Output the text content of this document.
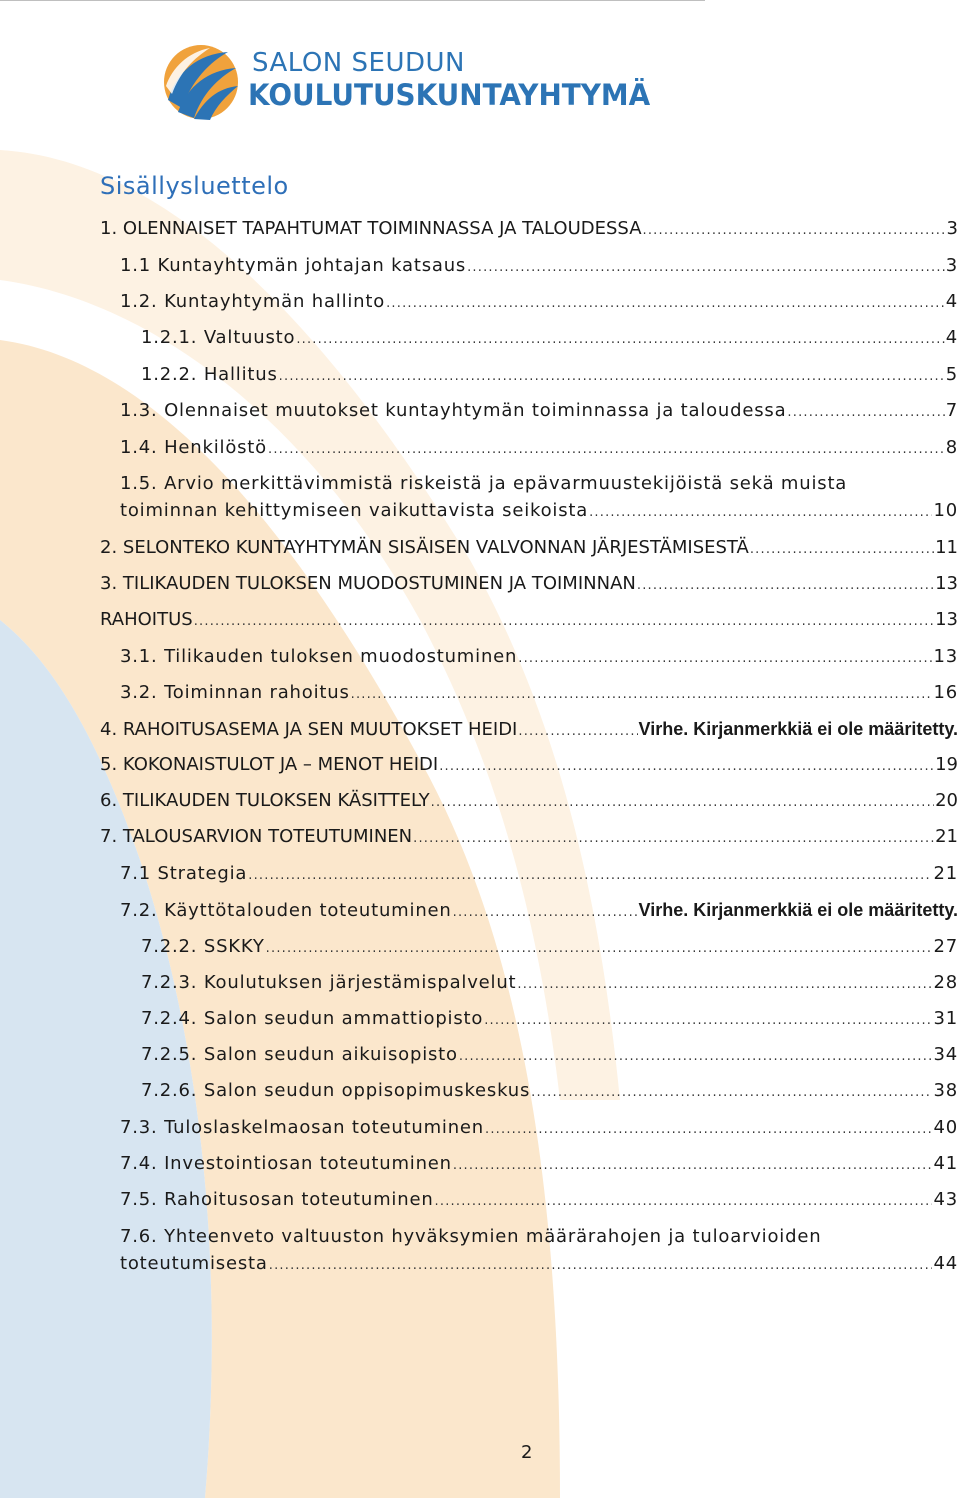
SALON SEUDUN
KOULUTUSKUNTAYHTYMÄ
Sisällysluettelo
1. OLENNAISET TAPAHTUMAT TOIMINNASSA JA TALOUDESSA .....	3
1.1 Kuntayhtymän johtajan katsaus .....	3
1.2. Kuntayhtymän hallinto .....	4
1.2.1. Valtuusto .....	4
1.2.2. Hallitus .....	5
1.3. Olennaiset muutokset kuntayhtymän toiminnassa ja taloudessa .....	7
1.4. Henkilöstö .....	8
1.5. Arvio merkittävimmistä riskeistä ja epävarmuustekijöistä sekä muista
toiminnan kehittymiseen vaikuttavista seikoista .....	10
2. SELONTEKO KUNTAYHTYMÄN SISÄISEN VALVONNAN JÄRJESTÄMISESTÄ .....	11
3. TILIKAUDEN TULOKSEN MUODOSTUMINEN JA TOIMINNAN .....	13
RAHOITUS .....	13
3.1. Tilikauden tuloksen muodostuminen .....	13
3.2. Toiminnan rahoitus .....	16
4. RAHOITUSASEMA JA SEN MUUTOKSET HEIDI .....	Virhe. Kirjanmerkkiä ei ole määritetty.
5. KOKONAISTULOT JA – MENOT HEIDI .....	19
6. TILIKAUDEN TULOKSEN KÄSITTELY .....	20
7. TALOUSARVION TOTEUTUMINEN .....	21
7.1 Strategia .....	21
7.2. Käyttötalouden toteutuminen .....	Virhe. Kirjanmerkkiä ei ole määritetty.
7.2.2. SSKKY .....	27
7.2.3. Koulutuksen järjestämispalvelut .....	28
7.2.4. Salon seudun ammattiopisto .....	31
7.2.5. Salon seudun aikuisopisto .....	34
7.2.6. Salon seudun oppisopimuskeskus .....	38
7.3. Tuloslaskelmaosan toteutuminen .....	40
7.4. Investointiosan toteutuminen .....	41
7.5. Rahoitusosan toteutuminen .....	43
7.6. Yhteenveto valtuuston hyväksymien määrärahojen ja tuloarvioiden
toteutumisesta .....	44
2
